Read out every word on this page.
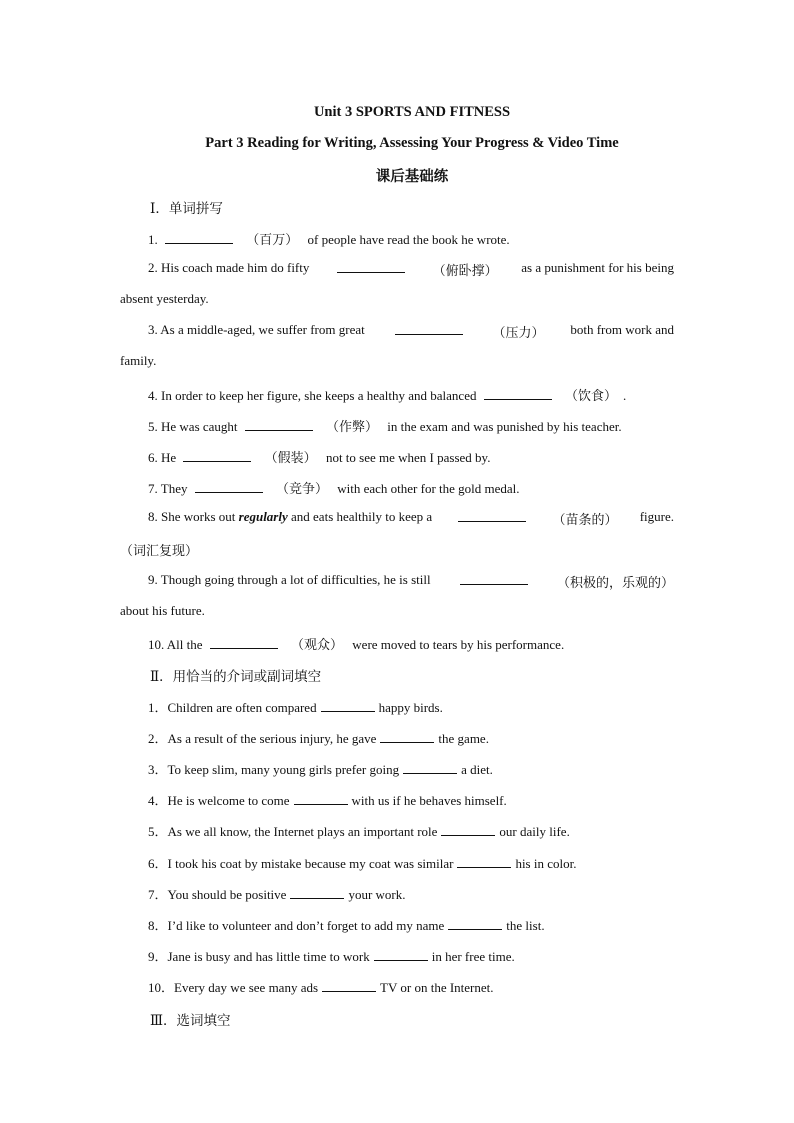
Unit 3 SPORTS AND FITNESS
Part 3 Reading for Writing, Assessing Your Progress & Video Time
课后基础练
Ⅰ．单词拼写
1.	（百万） of people have read the book he wrote.
2. His coach made him do fifty	（俯卧撑） as a punishment for his being
absent yesterday.
3. As a middle-aged, we suffer from great	（压力） both from work and
family.
4. In order to keep her figure, she keeps a healthy and balanced	（饮食） .
5. He was caught	（作弊） in the exam and was punished by his teacher.
6. He	（假装） not to see me when I passed by.
7. They	（竞争） with each other for the gold medal.
8. She works out regularly and eats healthily to keep a	（苗条的） figure.
（词汇复现）
9. Though going through a lot of difficulties, he is still	（积极的，乐观的）
about his future.
10. All the	（观众） were moved to tears by his performance.
Ⅱ．用恰当的介词或副词填空
1．Children are often compared	happy birds.
2．As a result of the serious injury, he gave	the game.
3．To keep slim, many young girls prefer going	a diet.
4．He is welcome to come	with us if he behaves himself.
5．As we all know, the Internet plays an important role	our daily life.
6．I took his coat by mistake because my coat was similar	his in color.
7．You should be positive	your work.
8．I’d like to volunteer and don’t forget to add my name	the list.
9．Jane is busy and has little time to work	in her free time.
10．Every day we see many ads	TV or on the Internet.
Ⅲ．选词填空
